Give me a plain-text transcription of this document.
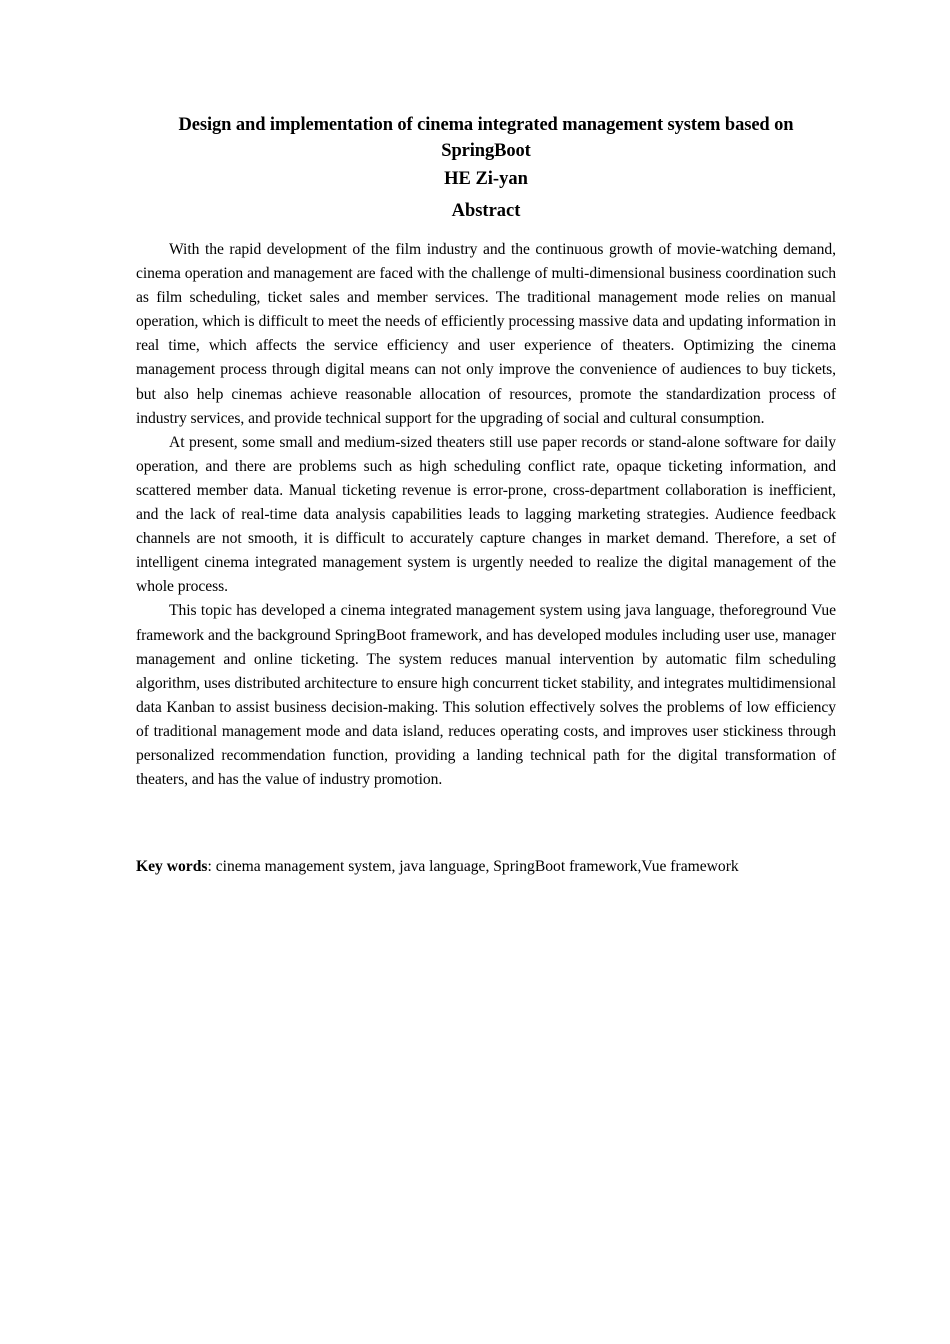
Design and implementation of cinema integrated management system based on SpringBoot
HE Zi-yan
Abstract

With the rapid development of the film industry and the continuous growth of movie-watching demand, cinema operation and management are faced with the challenge of multi-dimensional business coordination such as film scheduling, ticket sales and member services. The traditional management mode relies on manual operation, which is difficult to meet the needs of efficiently processing massive data and updating information in real time, which affects the service efficiency and user experience of theaters. Optimizing the cinema management process through digital means can not only improve the convenience of audiences to buy tickets, but also help cinemas achieve reasonable allocation of resources, promote the standardization process of industry services, and provide technical support for the upgrading of social and cultural consumption.

At present, some small and medium-sized theaters still use paper records or stand-alone software for daily operation, and there are problems such as high scheduling conflict rate, opaque ticketing information, and scattered member data. Manual ticketing revenue is error-prone, cross-department collaboration is inefficient, and the lack of real-time data analysis capabilities leads to lagging marketing strategies. Audience feedback channels are not smooth, it is difficult to accurately capture changes in market demand. Therefore, a set of intelligent cinema integrated management system is urgently needed to realize the digital management of the whole process.

This topic has developed a cinema integrated management system using java language, theforeground Vue framework and the background SpringBoot framework, and has developed modules including user use, manager management and online ticketing. The system reduces manual intervention by automatic film scheduling algorithm, uses distributed architecture to ensure high concurrent ticket stability, and integrates multidimensional data Kanban to assist business decision-making. This solution effectively solves the problems of low efficiency of traditional management mode and data island, reduces operating costs, and improves user stickiness through personalized recommendation function, providing a landing technical path for the digital transformation of theaters, and has the value of industry promotion.

Key words: cinema management system, java language, SpringBoot framework,Vue framework
